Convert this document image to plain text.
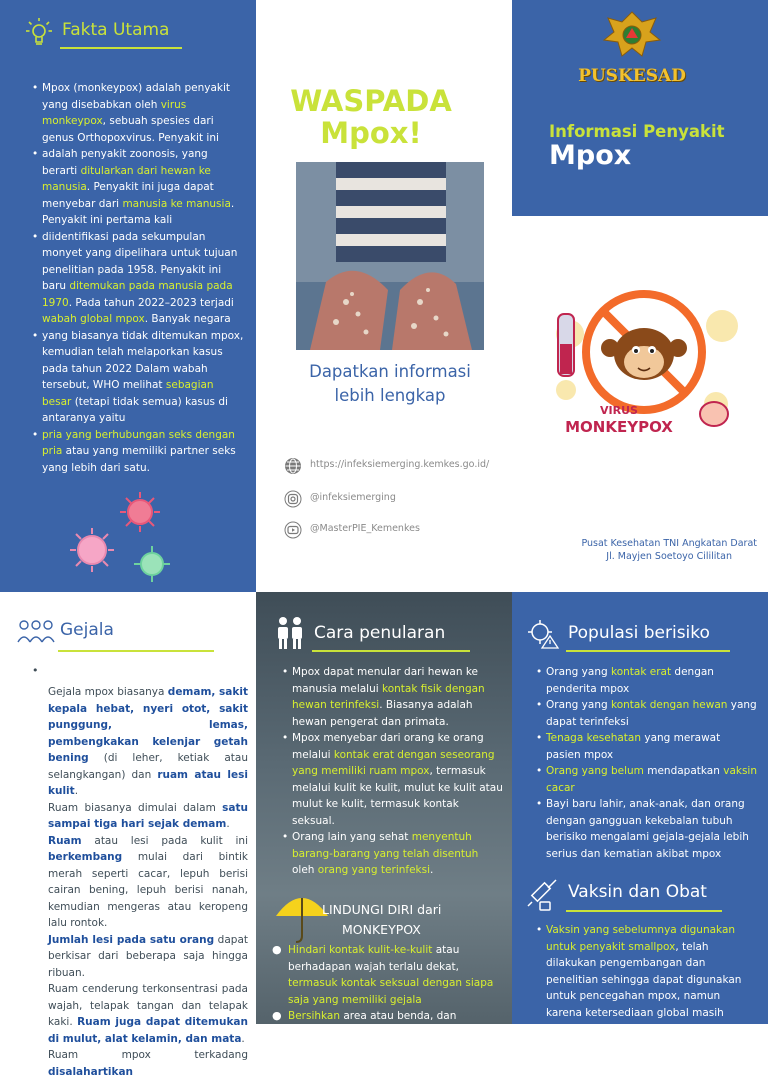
Fakta Utama
• Mpox (monkeypox) adalah penyakit yang disebabkan oleh virus monkeypox, sebuah spesies dari genus Orthopoxvirus. Penyakit ini
• adalah penyakit zoonosis, yang berarti ditularkan dari hewan ke manusia. Penyakit ini juga dapat menyebar dari manusia ke manusia. Penyakit ini pertama kali
• diidentifikasi pada sekumpulan monyet yang dipelihara untuk tujuan penelitian pada 1958. Penyakit ini baru ditemukan pada manusia pada 1970. Pada tahun 2022–2023 terjadi wabah global mpox. Banyak negara
• yang biasanya tidak ditemukan mpox, kemudian telah melaporkan kasus pada tahun 2022 Dalam wabah tersebut, WHO melihat sebagian besar (tetapi tidak semua) kasus di antaranya yaitu
• pria yang berhubungan seks dengan pria atau yang memiliki partner seks yang lebih dari satu.
WASPADA
Mpox!
Dapatkan informasi
lebih lengkap
https://infeksiemerging.kemkes.go.id/
@infeksiemerging
PUSKESAD
Informasi Penyakit
Mpox
VIRUS
MONKEYPOX
Pusat Kesehatan TNI Angkatan Darat
Jl. Mayjen Soetoyo Cililitan
Gejala
•
Gejala mpox biasanya demam, sakit kepala hebat, nyeri otot, sakit punggung, lemas, pembengkakan kelenjar getah bening (di leher, ketiak atau selangkangan) dan ruam atau lesi kulit.
Ruam biasanya dimulai dalam satu sampai tiga hari sejak demam.
Ruam atau lesi pada kulit ini berkembang mulai dari bintik merah seperti cacar, lepuh berisi cairan bening, lepuh berisi nanah, kemudian mengeras atau keropeng lalu rontok.
Jumlah lesi pada satu orang dapat berkisar dari beberapa saja hingga ribuan.
Ruam cenderung terkonsentrasi pada wajah, telapak tangan dan telapak kaki. Ruam juga dapat ditemukan di mulut, alat kelamin, dan mata.
Ruam mpox terkadang disalahartikan
Cara penularan
• Mpox dapat menular dari hewan ke manusia melalui kontak fisik dengan hewan terinfeksi. Biasanya adalah hewan pengerat dan primata.
• Mpox menyebar dari orang ke orang melalui kontak erat dengan seseorang yang memiliki ruam mpox, termasuk melalui kulit ke kulit, mulut ke kulit atau mulut ke kulit, termasuk kontak seksual.
• Orang lain yang sehat menyentuh barang-barang yang telah disentuh oleh orang yang terinfeksi.
LINDUNGI DIRI dari
MONKEYPOX
● Hindari kontak kulit-ke-kulit atau berhadapan wajah terlalu dekat, termasuk kontak seksual dengan siapa saja yang memiliki gejala
● Bersihkan area atau benda, dan
Populasi berisiko
• Orang yang kontak erat dengan penderita mpox
• Orang yang kontak dengan hewan yang dapat terinfeksi
• Tenaga kesehatan yang merawat pasien mpox
• Orang yang belum mendapatkan vaksin cacar
• Bayi baru lahir, anak-anak, dan orang dengan gangguan kekebalan tubuh berisiko mengalami gejala-gejala lebih serius dan kematian akibat mpox
Vaksin dan Obat
• Vaksin yang sebelumnya digunakan untuk penyakit smallpox, telah dilakukan pengembangan dan penelitian sehingga dapat digunakan untuk pencegahan mpox, namun karena ketersediaan global masih terbatas, vaksinasi direkomendasikan
@MasterPIE_Kemenkes
